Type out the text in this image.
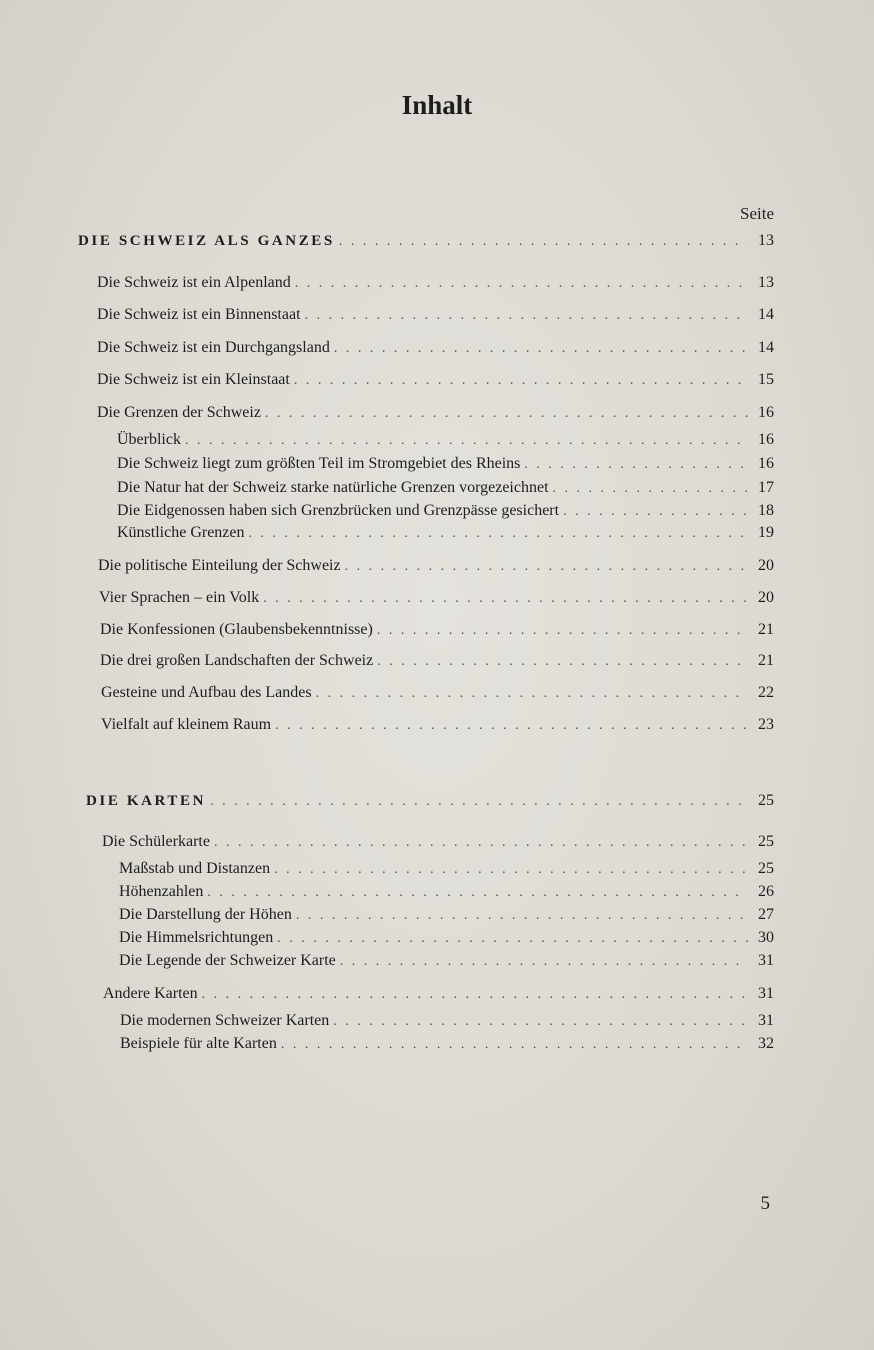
Inhalt
Seite
DIE SCHWEIZ ALS GANZES . . .	13
Die Schweiz ist ein Alpenland . . .	13
Die Schweiz ist ein Binnenstaat . . .	14
Die Schweiz ist ein Durchgangsland . . .	14
Die Schweiz ist ein Kleinstaat . . .	15
Die Grenzen der Schweiz . . .	16
Überblick . . .	16
Die Schweiz liegt zum größten Teil im Stromgebiet des Rheins . . .	16
Die Natur hat der Schweiz starke natürliche Grenzen vorgezeichnet . . .	17
Die Eidgenossen haben sich Grenzbrücken und Grenzpässe gesichert . . .	18
Künstliche Grenzen . . .	19
Die politische Einteilung der Schweiz . . .	20
Vier Sprachen – ein Volk . . .	20
Die Konfessionen (Glaubensbekenntnisse) . . .	21
Die drei großen Landschaften der Schweiz . . .	21
Gesteine und Aufbau des Landes . . .	22
Vielfalt auf kleinem Raum . . .	23
DIE KARTEN . . .	25
Die Schülerkarte . . .	25
Maßstab und Distanzen . . .	25
Höhenzahlen . . .	26
Die Darstellung der Höhen . . .	27
Die Himmelsrichtungen . . .	30
Die Legende der Schweizer Karte . . .	31
Andere Karten . . .	31
Die modernen Schweizer Karten . . .	31
Beispiele für alte Karten . . .	32
5
